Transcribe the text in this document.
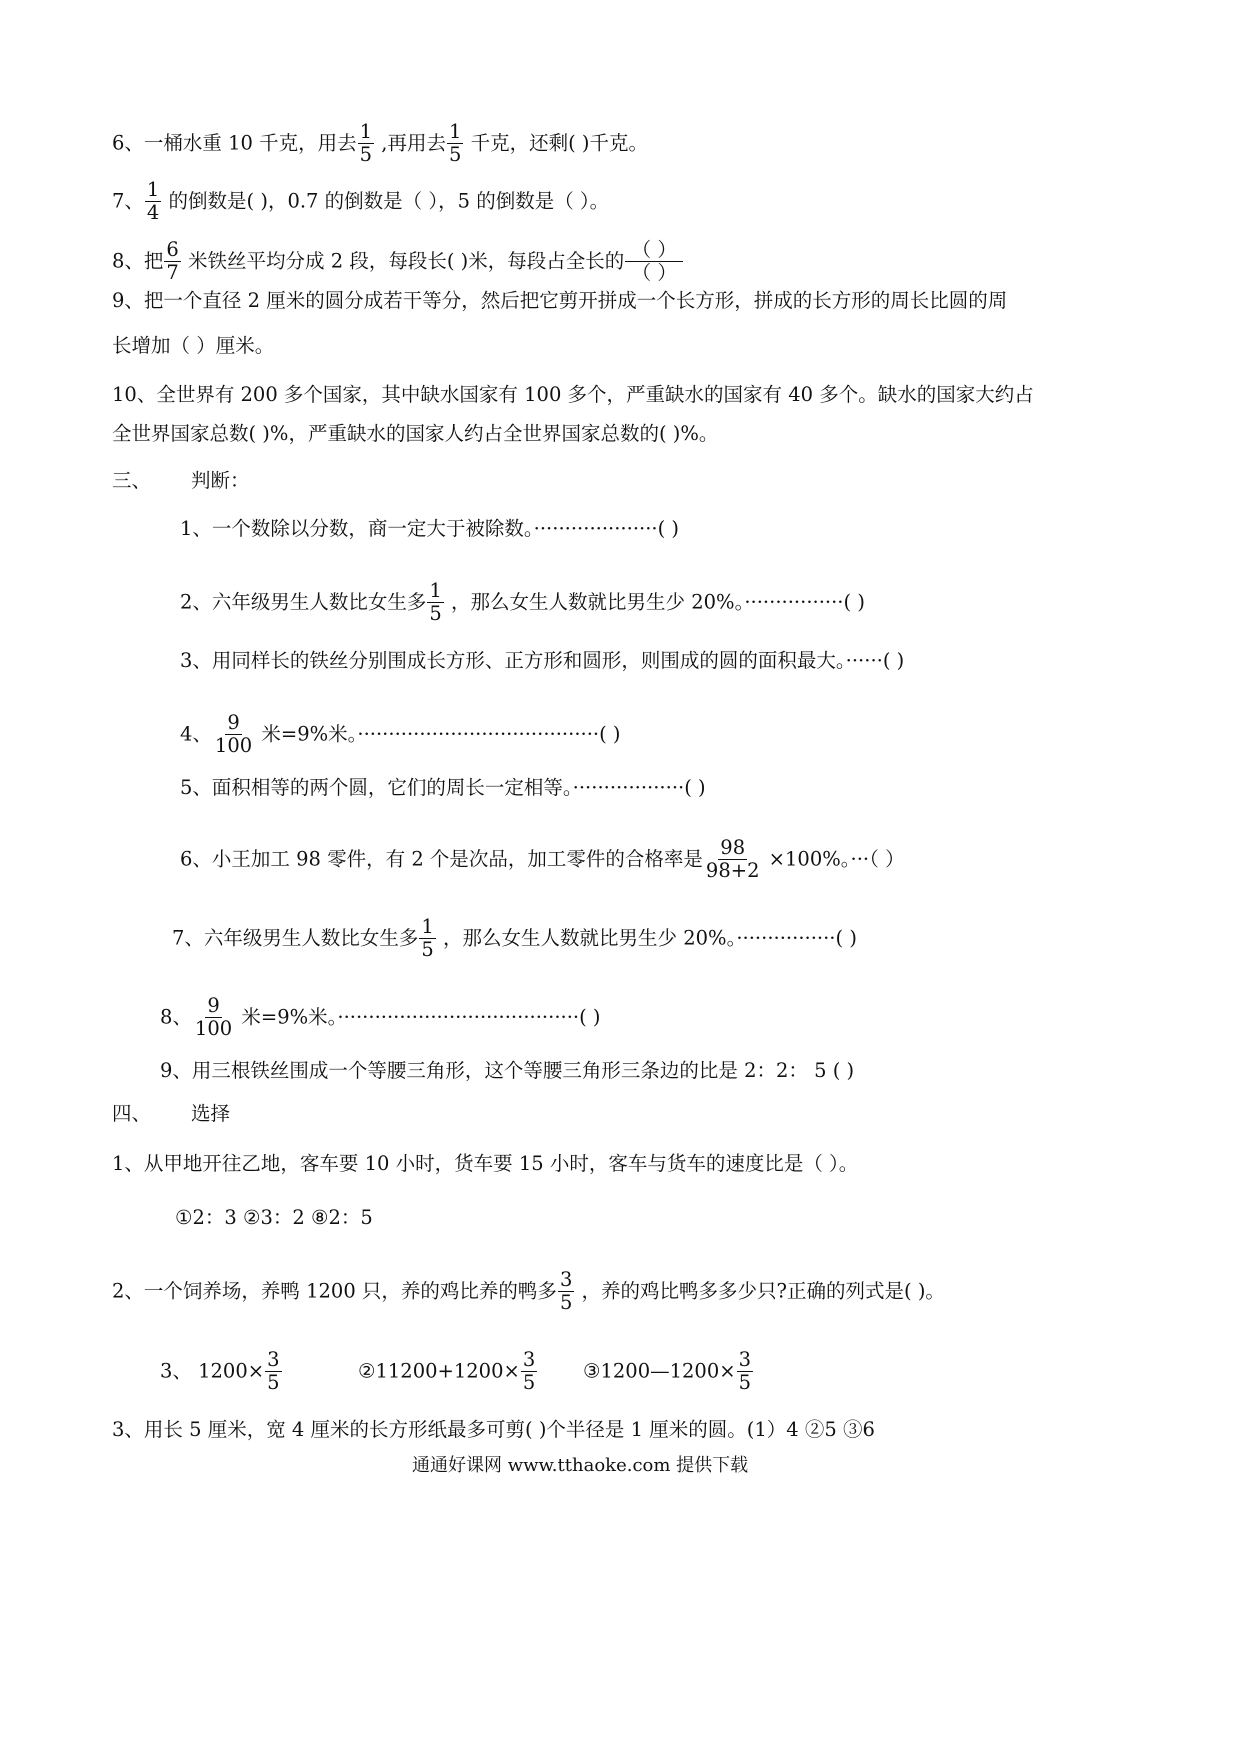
6、一桶水重 10 千克，用去 $\frac{1}{5}$ ,再用去 $\frac{1}{5}$ 千克，还剩( )千克。
7、 $\frac{1}{4}$ 的倒数是( )，0.7 的倒数是（ ），5 的倒数是（ ）。
8、把 $\frac{6}{7}$ 米铁丝平均分成 2 段，每段长( )米，每段占全长的 （ ）
（ ）
9、把一个直径 2 厘米的圆分成若干等分，然后把它剪开拼成一个长方形，拼成的长方形的周长比圆的周
长增加（ ）厘米。
10、全世界有 200 多个国家，其中缺水国家有 100 多个，严重缺水的国家有 40 多个。缺水的国家大约占
全世界国家总数( )%，严重缺水的国家人约占全世界国家总数的( )%。
三、 判断：
1、一个数除以分数，商一定大于被除数。····················( )
2、六年级男生人数比女生多 $\frac{1}{5}$ ，那么女生人数就比男生少 20%。················( )
3、用同样长的铁丝分别围成长方形、正方形和圆形，则围成的圆的面积最大。······( )
4、 $\frac{9}{100}$ 米=9%米。·······································( )
5、面积相等的两个圆，它们的周长一定相等。··················( )
6、小王加工 98 零件，有 2 个是次品，加工零件的合格率是 $\frac{98}{98+2} \times 100\%$。···（ ）
7、六年级男生人数比女生多 $\frac{1}{5}$ ，那么女生人数就比男生少 20%。················( )
8、 $\frac{9}{100}$ 米=9%米。·······································( )
9、用三根铁丝围成一个等腰三角形，这个等腰三角形三条边的比是 2：2： 5 ( )
四、 选择
1、从甲地开往乙地，客车要 10 小时，货车要 15 小时，客车与货车的速度比是（ ）。
①2：3 ②3：2 ⑧2：5
2、一个饲养场，养鸭 1200 只，养的鸡比养的鸭多 $\frac{3}{5}$ ，养的鸡比鸭多多少只?正确的列式是( )。
3、 $1200\times \frac{3}{5}$	②11200+1200× $\frac{3}{5}$ ③1200—1200× $\frac{3}{5}$
3、用长 5 厘米，宽 4 厘米的长方形纸最多可剪( )个半径是 1 厘米的圆。(1）4 ②5 ③6
通通好课网 www.tthaoke.com 提供下载
